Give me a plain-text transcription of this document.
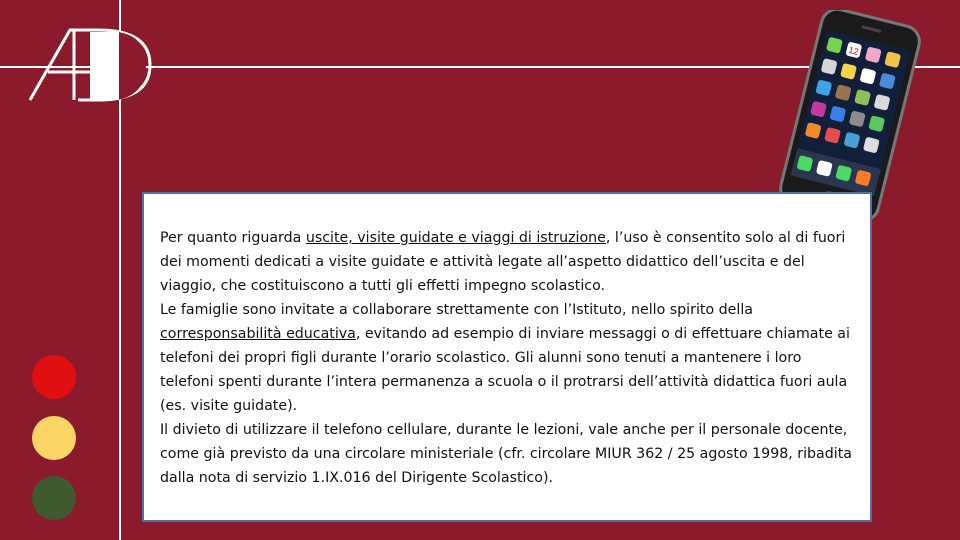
12

Per quanto riguarda uscite, visite guidate e viaggi di istruzione, l’uso è consentito solo al di fuori dei momenti dedicati a visite guidate e attività legate all’aspetto didattico dell’uscita e del viaggio, che costituiscono a tutti gli effetti impegno scolastico.

Le famiglie sono invitate a collaborare strettamente con l’Istituto, nello spirito della corresponsabilità educativa, evitando ad esempio di inviare messaggi o di effettuare chiamate ai telefoni dei propri figli durante l’orario scolastico. Gli alunni sono tenuti a mantenere i loro telefoni spenti durante l’intera permanenza a scuola o il protrarsi dell’attività didattica fuori aula (es. visite guidate).

Il divieto di utilizzare il telefono cellulare, durante le lezioni, vale anche per il personale docente, come già previsto da una circolare ministeriale (cfr. circolare MIUR 362 / 25 agosto 1998, ribadita dalla nota di servizio 1.IX.016 del Dirigente Scolastico).
